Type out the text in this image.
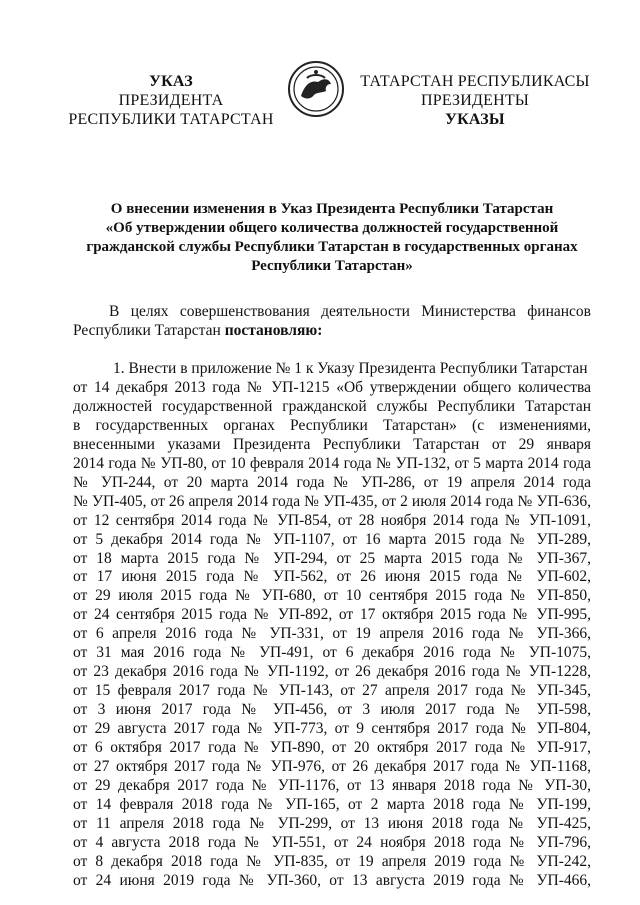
УКАЗ
ПРЕЗИДЕНТА
РЕСПУБЛИКИ ТАТАРСТАН
ТАТАРСТАН РЕСПУБЛИКАСЫ
ПРЕЗИДЕНТЫ
УКАЗЫ
О внесении изменения в Указ Президента Республики Татарстан
«Об утверждении общего количества должностей государственной
гражданской службы Республики Татарстан в государственных органах
Республики Татарстан»
В целях совершенствования деятельности Министерства финансов Республики Татарстан постановляю:
1. Внести в приложение № 1 к Указу Президента Республики Татарстан
от 14 декабря 2013 года № УП-1215 «Об утверждении общего количества
должностей государственной гражданской службы Республики Татарстан
в государственных органах Республики Татарстан» (с изменениями,
внесенными указами Президента Республики Татарстан от 29 января
2014 года № УП-80, от 10 февраля 2014 года № УП-132, от 5 марта 2014 года
№ УП-244, от 20 марта 2014 года № УП-286, от 19 апреля 2014 года
№ УП-405, от 26 апреля 2014 года № УП-435, от 2 июля 2014 года № УП-636,
от 12 сентября 2014 года № УП-854, от 28 ноября 2014 года № УП-1091,
от 5 декабря 2014 года № УП-1107, от 16 марта 2015 года № УП-289,
от 18 марта 2015 года № УП-294, от 25 марта 2015 года № УП-367,
от 17 июня 2015 года № УП-562, от 26 июня 2015 года № УП-602,
от 29 июля 2015 года № УП-680, от 10 сентября 2015 года № УП-850,
от 24 сентября 2015 года № УП-892, от 17 октября 2015 года № УП-995,
от 6 апреля 2016 года № УП-331, от 19 апреля 2016 года № УП-366,
от 31 мая 2016 года № УП-491, от 6 декабря 2016 года № УП-1075,
от 23 декабря 2016 года № УП-1192, от 26 декабря 2016 года № УП-1228,
от 15 февраля 2017 года № УП-143, от 27 апреля 2017 года № УП-345,
от 3 июня 2017 года № УП-456, от 3 июля 2017 года № УП-598,
от 29 августа 2017 года № УП-773, от 9 сентября 2017 года № УП-804,
от 6 октября 2017 года № УП-890, от 20 октября 2017 года № УП-917,
от 27 октября 2017 года № УП-976, от 26 декабря 2017 года № УП-1168,
от 29 декабря 2017 года № УП-1176, от 13 января 2018 года № УП-30,
от 14 февраля 2018 года № УП-165, от 2 марта 2018 года № УП-199,
от 11 апреля 2018 года № УП-299, от 13 июня 2018 года № УП-425,
от 4 августа 2018 года № УП-551, от 24 ноября 2018 года № УП-796,
от 8 декабря 2018 года № УП-835, от 19 апреля 2019 года № УП-242,
от 24 июня 2019 года № УП-360, от 13 августа 2019 года № УП-466,
